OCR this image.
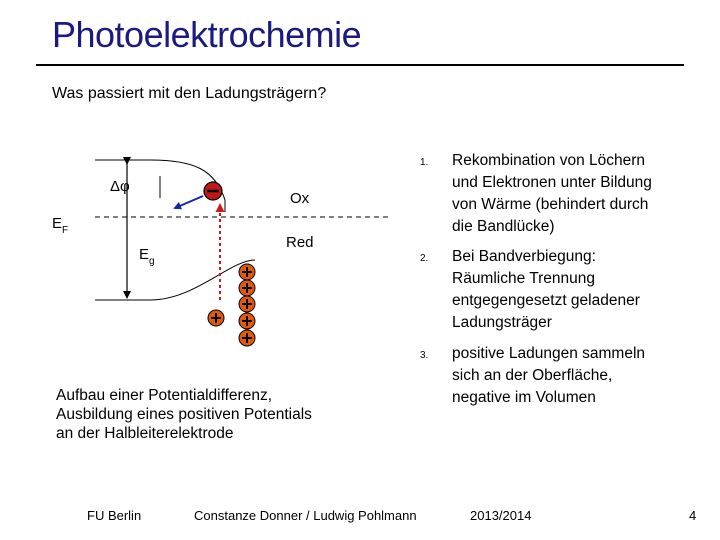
Photoelektrochemie
Was passiert mit den Ladungsträgern?
Δφ
$E_F$
$E_g$
Ox
Red
Aufbau einer Potentialdifferenz,
Ausbildung eines positiven Potentials
an der Halbleiterelektrode
1. Rekombination von Löchern
und Elektronen unter Bildung
von Wärme (behindert durch
die Bandlücke)
2. Bei Bandverbiegung:
Räumliche Trennung
entgegengesetzt geladener
Ladungsträger
3. positive Ladungen sammeln
sich an der Oberfläche,
negative im Volumen
FU Berlin	Constanze Donner / Ludwig Pohlmann	2013/2014	4
